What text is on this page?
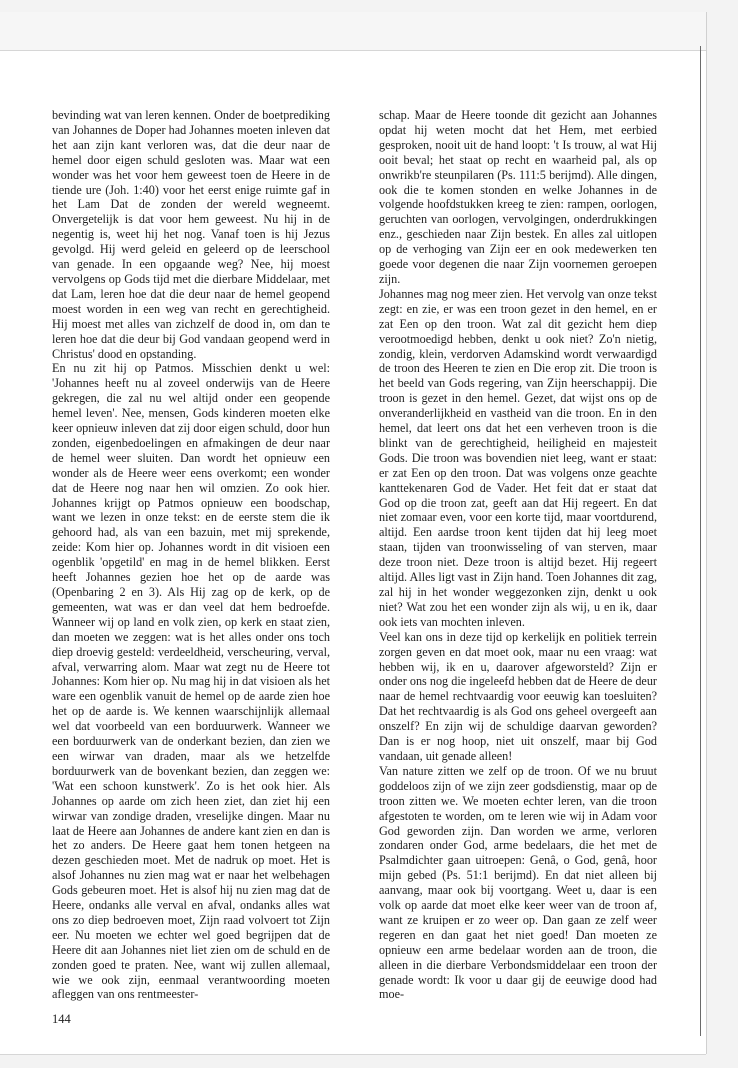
bevinding wat van leren kennen. Onder de boetprediking van Johannes de Doper had Johannes moeten inleven dat het aan zijn kant verloren was, dat die deur naar de hemel door eigen schuld gesloten was. Maar wat een wonder was het voor hem geweest toen de Heere in de tiende ure (Joh. 1:40) voor het eerst enige ruimte gaf in het Lam Dat de zonden der wereld wegneemt. Onvergetelijk is dat voor hem geweest. Nu hij in de negentig is, weet hij het nog. Vanaf toen is hij Jezus gevolgd. Hij werd geleid en geleerd op de leerschool van genade. In een opgaande weg? Nee, hij moest vervolgens op Gods tijd met die dierbare Middelaar, met dat Lam, leren hoe dat die deur naar de hemel geopend moest worden in een weg van recht en gerechtigheid. Hij moest met alles van zichzelf de dood in, om dan te leren hoe dat die deur bij God vandaan geopend werd in Christus' dood en opstanding.

En nu zit hij op Patmos. Misschien denkt u wel: 'Johannes heeft nu al zoveel onderwijs van de Heere gekregen, die zal nu wel altijd onder een geopende hemel leven'. Nee, mensen, Gods kinderen moeten elke keer opnieuw inleven dat zij door eigen schuld, door hun zonden, eigenbedoelingen en afmakingen de deur naar de hemel weer sluiten. Dan wordt het opnieuw een wonder als de Heere weer eens overkomt; een wonder dat de Heere nog naar hen wil omzien. Zo ook hier. Johannes krijgt op Patmos opnieuw een boodschap, want we lezen in onze tekst: en de eerste stem die ik gehoord had, als van een bazuin, met mij sprekende, zeide: Kom hier op. Johannes wordt in dit visioen een ogenblik 'opgetild' en mag in de hemel blikken. Eerst heeft Johannes gezien hoe het op de aarde was (Openbaring 2 en 3). Als Hij zag op de kerk, op de gemeenten, wat was er dan veel dat hem bedroefde. Wanneer wij op land en volk zien, op kerk en staat zien, dan moeten we zeggen: wat is het alles onder ons toch diep droevig gesteld: verdeeldheid, verscheuring, verval, afval, verwarring alom. Maar wat zegt nu de Heere tot Johannes: Kom hier op. Nu mag hij in dat visioen als het ware een ogenblik vanuit de hemel op de aarde zien hoe het op de aarde is. We kennen waarschijnlijk allemaal wel dat voorbeeld van een borduurwerk. Wanneer we een borduurwerk van de onderkant bezien, dan zien we een wirwar van draden, maar als we hetzelfde borduurwerk van de bovenkant bezien, dan zeggen we: 'Wat een schoon kunstwerk'. Zo is het ook hier. Als Johannes op aarde om zich heen ziet, dan ziet hij een wirwar van zondige draden, vreselijke dingen. Maar nu laat de Heere aan Johannes de andere kant zien en dan is het zo anders. De Heere gaat hem tonen hetgeen na dezen geschieden moet. Met de nadruk op moet. Het is alsof Johannes nu zien mag wat er naar het welbehagen Gods gebeuren moet. Het is alsof hij nu zien mag dat de Heere, ondanks alle verval en afval, ondanks alles wat ons zo diep bedroeven moet, Zijn raad volvoert tot Zijn eer. Nu moeten we echter wel goed begrijpen dat de Heere dit aan Johannes niet liet zien om de schuld en de zonden goed te praten. Nee, want wij zullen allemaal, wie we ook zijn, eenmaal verantwoording moeten afleggen van ons rentmeester-

schap. Maar de Heere toonde dit gezicht aan Johannes opdat hij weten mocht dat het Hem, met eerbied gesproken, nooit uit de hand loopt: 't Is trouw, al wat Hij ooit beval; het staat op recht en waarheid pal, als op onwrikb're steunpilaren (Ps. 111:5 berijmd). Alle dingen, ook die te komen stonden en welke Johannes in de volgende hoofdstukken kreeg te zien: rampen, oorlogen, geruchten van oorlogen, vervolgingen, onderdrukkingen enz., geschieden naar Zijn bestek. En alles zal uitlopen op de verhoging van Zijn eer en ook medewerken ten goede voor degenen die naar Zijn voornemen geroepen zijn.

Johannes mag nog meer zien. Het vervolg van onze tekst zegt: en zie, er was een troon gezet in den hemel, en er zat Een op den troon. Wat zal dit gezicht hem diep verootmoedigd hebben, denkt u ook niet? Zo'n nietig, zondig, klein, verdorven Adamskind wordt verwaardigd de troon des Heeren te zien en Die erop zit. Die troon is het beeld van Gods regering, van Zijn heerschappij. Die troon is gezet in den hemel. Gezet, dat wijst ons op de onveranderlijkheid en vastheid van die troon. En in den hemel, dat leert ons dat het een verheven troon is die blinkt van de gerechtigheid, heiligheid en majesteit Gods. Die troon was bovendien niet leeg, want er staat: er zat Een op den troon. Dat was volgens onze geachte kanttekenaren God de Vader. Het feit dat er staat dat God op die troon zat, geeft aan dat Hij regeert. En dat niet zomaar even, voor een korte tijd, maar voortdurend, altijd. Een aardse troon kent tijden dat hij leeg moet staan, tijden van troonwisseling of van sterven, maar deze troon niet. Deze troon is altijd bezet. Hij regeert altijd. Alles ligt vast in Zijn hand. Toen Johannes dit zag, zal hij in het wonder weggezonken zijn, denkt u ook niet? Wat zou het een wonder zijn als wij, u en ik, daar ook iets van mochten inleven.

Veel kan ons in deze tijd op kerkelijk en politiek terrein zorgen geven en dat moet ook, maar nu een vraag: wat hebben wij, ik en u, daarover afgeworsteld? Zijn er onder ons nog die ingeleefd hebben dat de Heere de deur naar de hemel rechtvaardig voor eeuwig kan toesluiten? Dat het rechtvaardig is als God ons geheel overgeeft aan onszelf? En zijn wij de schuldige daarvan geworden? Dan is er nog hoop, niet uit onszelf, maar bij God vandaan, uit genade alleen!

Van nature zitten we zelf op de troon. Of we nu bruut goddeloos zijn of we zijn zeer godsdienstig, maar op de troon zitten we. We moeten echter leren, van die troon afgestoten te worden, om te leren wie wij in Adam voor God geworden zijn. Dan worden we arme, verloren zondaren onder God, arme bedelaars, die het met de Psalmdichter gaan uitroepen: Genâ, o God, genâ, hoor mijn gebed (Ps. 51:1 berijmd). En dat niet alleen bij aanvang, maar ook bij voortgang. Weet u, daar is een volk op aarde dat moet elke keer weer van de troon af, want ze kruipen er zo weer op. Dan gaan ze zelf weer regeren en dan gaat het niet goed! Dan moeten ze opnieuw een arme bedelaar worden aan de troon, die alleen in die dierbare Verbondsmiddelaar een troon der genade wordt: Ik voor u daar gij de eeuwige dood had moe-

144
